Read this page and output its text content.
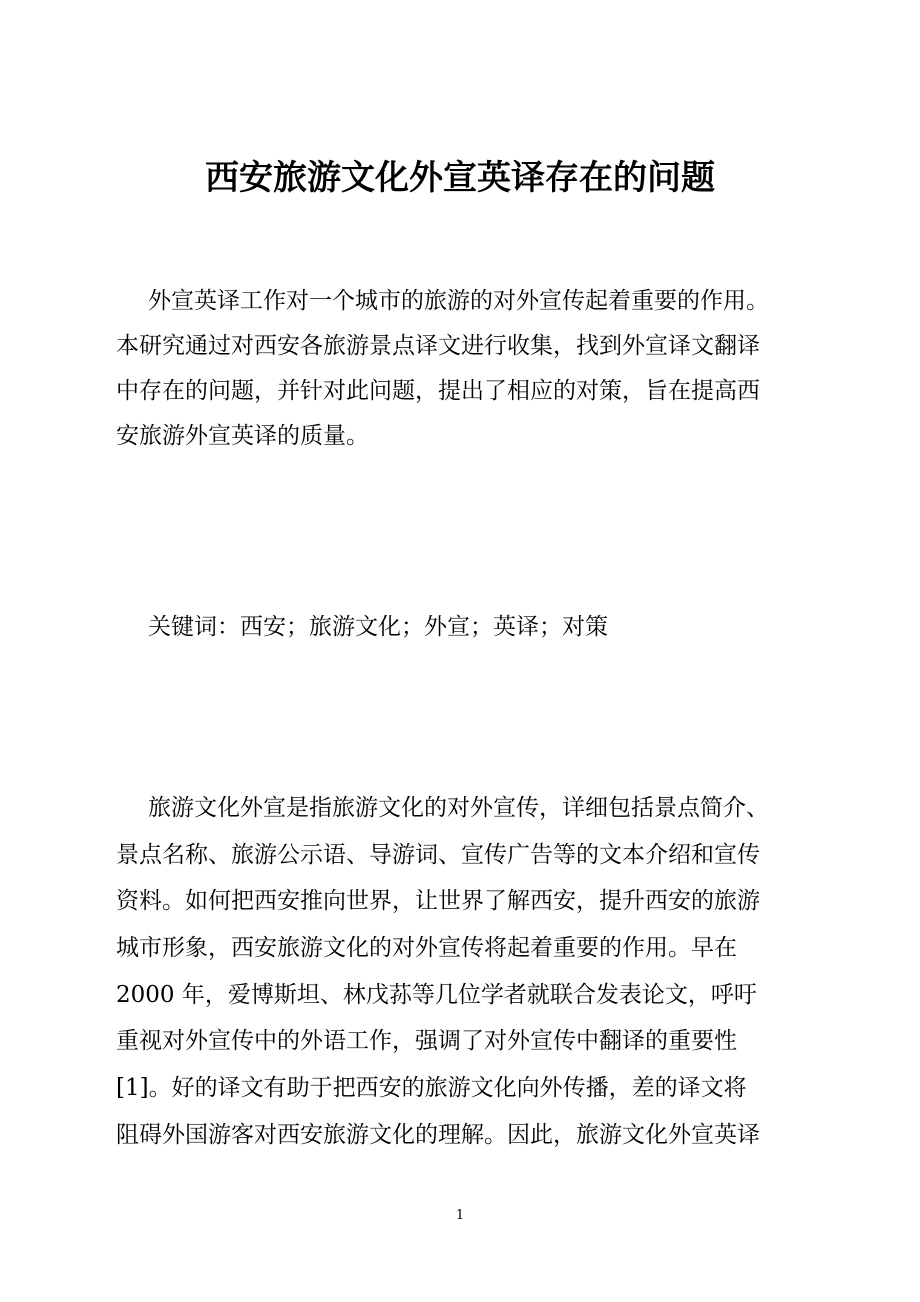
西安旅游文化外宣英译存在的问题
外宣英译工作对一个城市的旅游的对外宣传起着重要的作用。
本研究通过对西安各旅游景点译文进行收集，找到外宣译文翻译
中存在的问题，并针对此问题，提出了相应的对策，旨在提高西
安旅游外宣英译的质量。
关键词：西安；旅游文化；外宣；英译；对策
旅游文化外宣是指旅游文化的对外宣传，详细包括景点简介、
景点名称、旅游公示语、导游词、宣传广告等的文本介绍和宣传
资料。如何把西安推向世界，让世界了解西安，提升西安的旅游
城市形象，西安旅游文化的对外宣传将起着重要的作用。早在
2000 年，爱博斯坦、林戊荪等几位学者就联合发表论文，呼吁
重视对外宣传中的外语工作，强调了对外宣传中翻译的重要性
[1]。好的译文有助于把西安的旅游文化向外传播，差的译文将
阻碍外国游客对西安旅游文化的理解。因此，旅游文化外宣英译
1
